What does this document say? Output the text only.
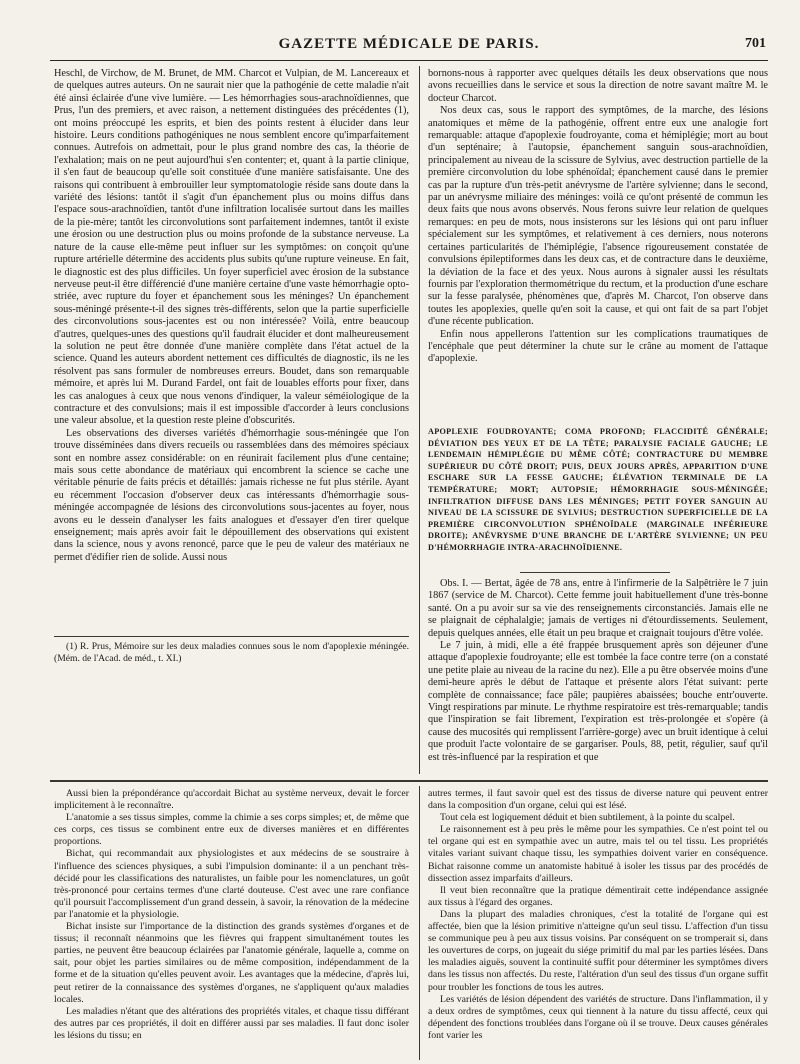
GAZETTE MÉDICALE DE PARIS.	701

Heschl, de Virchow, de M. Brunet, de MM. Charcot et Vulpian, de M. Lancereaux et de quelques autres auteurs. On ne saurait nier que la pathogénie de cette maladie n'ait été ainsi éclairée d'une vive lumière. — Les hémorrhagies sous-arachnoïdiennes, que Prus, l'un des premiers, et avec raison, a nettement distinguées des précédentes (1), ont moins préoccupé les esprits, et bien des points restent à élucider dans leur histoire. Leurs conditions pathogéniques ne nous semblent encore qu'imparfaitement connues. Autrefois on admettait, pour le plus grand nombre des cas, la théorie de l'exhalation; mais on ne peut aujourd'hui s'en contenter; et, quant à la partie clinique, il s'en faut de beaucoup qu'elle soit constituée d'une manière satisfaisante. Une des raisons qui contribuent à embrouiller leur symptomatologie réside sans doute dans la variété des lésions: tantôt il s'agit d'un épanchement plus ou moins diffus dans l'espace sous-arachnoïdien, tantôt d'une infiltration localisée surtout dans les mailles de la pie-mère; tantôt les circonvolutions sont parfaitement indemnes, tantôt il existe une érosion ou une destruction plus ou moins profonde de la substance nerveuse. La nature de la cause elle-même peut influer sur les symptômes: on conçoit qu'une rupture artérielle détermine des accidents plus subits qu'une rupture veineuse. En fait, le diagnostic est des plus difficiles. Un foyer superficiel avec érosion de la substance nerveuse peut-il être différencié d'une manière certaine d'une vaste hémorrhagie opto-striée, avec rupture du foyer et épanchement sous les méninges? Un épanchement sous-méningé présente-t-il des signes très-différents, selon que la partie superficielle des circonvolutions sous-jacentes est ou non intéressée? Voilà, entre beaucoup d'autres, quelques-unes des questions qu'il faudrait élucider et dont malheureusement la solution ne peut être donnée d'une manière complète dans l'état actuel de la science. Quand les auteurs abordent nettement ces difficultés de diagnostic, ils ne les résolvent pas sans formuler de nombreuses erreurs. Boudet, dans son remarquable mémoire, et après lui M. Durand Fardel, ont fait de louables efforts pour fixer, dans les cas analogues à ceux que nous venons d'indiquer, la valeur séméiologique de la contracture et des convulsions; mais il est impossible d'accorder à leurs conclusions une valeur absolue, et la question reste pleine d'obscurités.

Les observations des diverses variétés d'hémorrhagie sous-méningée que l'on trouve disséminées dans divers recueils ou rassemblées dans des mémoires spéciaux sont en nombre assez considérable: on en réunirait facilement plus d'une centaine; mais sous cette abondance de matériaux qui encombrent la science se cache une véritable pénurie de faits précis et détaillés: jamais richesse ne fut plus stérile. Ayant eu récemment l'occasion d'observer deux cas intéressants d'hémorrhagie sous-méningée accompagnée de lésions des circonvolutions sous-jacentes au foyer, nous avons eu le dessein d'analyser les faits analogues et d'essayer d'en tirer quelque enseignement; mais après avoir fait le dépouillement des observations qui existent dans la science, nous y avons renoncé, parce que le peu de valeur des matériaux ne permet d'édifier rien de solide. Aussi nous

(1) R. Prus, Mémoire sur les deux maladies connues sous le nom d'apoplexie méningée. (Mém. de l'Acad. de méd., t. XI.)

bornons-nous à rapporter avec quelques détails les deux observations que nous avons recueillies dans le service et sous la direction de notre savant maître M. le docteur Charcot.

Nos deux cas, sous le rapport des symptômes, de la marche, des lésions anatomiques et même de la pathogénie, offrent entre eux une analogie fort remarquable: attaque d'apoplexie foudroyante, coma et hémiplégie; mort au bout d'un septénaire; à l'autopsie, épanchement sanguin sous-arachnoïdien, principalement au niveau de la scissure de Sylvius, avec destruction partielle de la première circonvolution du lobe sphénoïdal; épanchement causé dans le premier cas par la rupture d'un très-petit anévrysme de l'artère sylvienne; dans le second, par un anévrysme miliaire des méninges: voilà ce qu'ont présenté de commun les deux faits que nous avons observés. Nous ferons suivre leur relation de quelques remarques: en peu de mots, nous insisterons sur les lésions qui ont paru influer spécialement sur les symptômes, et relativement à ces derniers, nous noterons certaines particularités de l'hémiplégie, l'absence rigoureusement constatée de convulsions épileptiformes dans les deux cas, et de contracture dans le deuxième, la déviation de la face et des yeux. Nous aurons à signaler aussi les résultats fournis par l'exploration thermométrique du rectum, et la production d'une eschare sur la fesse paralysée, phénomènes que, d'après M. Charcot, l'on observe dans toutes les apoplexies, quelle qu'en soit la cause, et qui ont fait de sa part l'objet d'une récente publication.

Enfin nous appellerons l'attention sur les complications traumatiques de l'encéphale que peut déterminer la chute sur le crâne au moment de l'attaque d'apoplexie.

APOPLEXIE FOUDROYANTE; COMA PROFOND; FLACCIDITÉ GÉNÉRALE; DÉVIATION DES YEUX ET DE LA TÊTE; PARALYSIE FACIALE GAUCHE; LE LENDEMAIN HÉMIPLÉGIE DU MÊME CÔTÉ; CONTRACTURE DU MEMBRE SUPÉRIEUR DU CÔTÉ DROIT; PUIS, DEUX JOURS APRÈS, APPARITION D'UNE ESCHARE SUR LA FESSE GAUCHE; ÉLÉVATION TERMINALE DE LA TEMPÉRATURE; MORT; AUTOPSIE; HÉMORRHAGIE SOUS-MÉNINGÉE; INFILTRATION DIFFUSE DANS LES MÉNINGES; PETIT FOYER SANGUIN AU NIVEAU DE LA SCISSURE DE SYLVIUS; DESTRUCTION SUPERFICIELLE DE LA PREMIÈRE CIRCONVOLUTION SPHÉNOÏDALE (MARGINALE INFÉRIEURE DROITE); ANÉVRYSME D'UNE BRANCHE DE L'ARTÈRE SYLVIENNE; UN PEU D'HÉMORRHAGIE INTRA-ARACHNOÏDIENNE.

Obs. I. — Bertat, âgée de 78 ans, entre à l'infirmerie de la Salpêtrière le 7 juin 1867 (service de M. Charcot). Cette femme jouit habituellement d'une très-bonne santé. On a pu avoir sur sa vie des renseignements circonstanciés. Jamais elle ne se plaignait de céphalalgie; jamais de vertiges ni d'étourdissements. Seulement, depuis quelques années, elle était un peu braque et craignait toujours d'être volée.

Le 7 juin, à midi, elle a été frappée brusquement après son déjeuner d'une attaque d'apoplexie foudroyante; elle est tombée la face contre terre (on a constaté une petite plaie au niveau de la racine du nez). Elle a pu être observée moins d'une demi-heure après le début de l'attaque et présente alors l'état suivant: perte complète de connaissance; face pâle; paupières abaissées; bouche entr'ouverte. Vingt respirations par minute. Le rhythme respiratoire est très-remarquable; tandis que l'inspiration se fait librement, l'expiration est très-prolongée et s'opère (à cause des mucosités qui remplissent l'arrière-gorge) avec un bruit identique à celui que produit l'acte volontaire de se gargariser. Pouls, 88, petit, régulier, sauf qu'il est très-influencé par la respiration et que

Aussi bien la prépondérance qu'accordait Bichat au système nerveux, devait le forcer implicitement à le reconnaître.

L'anatomie a ses tissus simples, comme la chimie a ses corps simples; et, de même que ces corps, ces tissus se combinent entre eux de diverses manières et en différentes proportions.

Bichat, qui recommandait aux physiologistes et aux médecins de se soustraire à l'influence des sciences physiques, a subi l'impulsion dominante: il a un penchant très-décidé pour les classifications des naturalistes, un faible pour les nomenclatures, un goût très-prononcé pour certains termes d'une clarté douteuse. C'est avec une rare confiance qu'il poursuit l'accomplissement d'un grand dessein, à savoir, la rénovation de la médecine par l'anatomie et la physiologie.

Bichat insiste sur l'importance de la distinction des grands systèmes d'organes et de tissus; il reconnaît néanmoins que les fièvres qui frappent simultanément toutes les parties, ne peuvent être beaucoup éclairées par l'anatomie générale, laquelle a, comme on sait, pour objet les parties similaires ou de même composition, indépendamment de la forme et de la situation qu'elles peuvent avoir. Les avantages que la médecine, d'après lui, peut retirer de la connaissance des systèmes d'organes, ne s'appliquent qu'aux maladies locales.

Les maladies n'étant que des altérations des propriétés vitales, et chaque tissu différant des autres par ces propriétés, il doit en différer aussi par ses maladies. Il faut donc isoler les lésions du tissu; en

autres termes, il faut savoir quel est des tissus de diverse nature qui peuvent entrer dans la composition d'un organe, celui qui est lésé.

Tout cela est logiquement déduit et bien subtilement, à la pointe du scalpel.

Le raisonnement est à peu près le même pour les sympathies. Ce n'est point tel ou tel organe qui est en sympathie avec un autre, mais tel ou tel tissu. Les propriétés vitales variant suivant chaque tissu, les sympathies doivent varier en conséquence. Bichat raisonne comme un anatomiste habitué à isoler les tissus par des procédés de dissection assez imparfaits d'ailleurs.

Il veut bien reconnaître que la pratique démentirait cette indépendance assignée aux tissus à l'égard des organes.

Dans la plupart des maladies chroniques, c'est la totalité de l'organe qui est affectée, bien que la lésion primitive n'atteigne qu'un seul tissu. L'affection d'un tissu se communique peu à peu aux tissus voisins. Par conséquent on se tromperait si, dans les ouvertures de corps, on jugeait du siége primitif du mal par les parties lésées. Dans les maladies aiguës, souvent la continuité suffit pour déterminer les symptômes divers dans les tissus non affectés. Du reste, l'altération d'un seul des tissus d'un organe suffit pour troubler les fonctions de tous les autres.

Les variétés de lésion dépendent des variétés de structure. Dans l'inflammation, il y a deux ordres de symptômes, ceux qui tiennent à la nature du tissu affecté, ceux qui dépendent des fonctions troublées dans l'organe où il se trouve. Deux causes générales font varier les
